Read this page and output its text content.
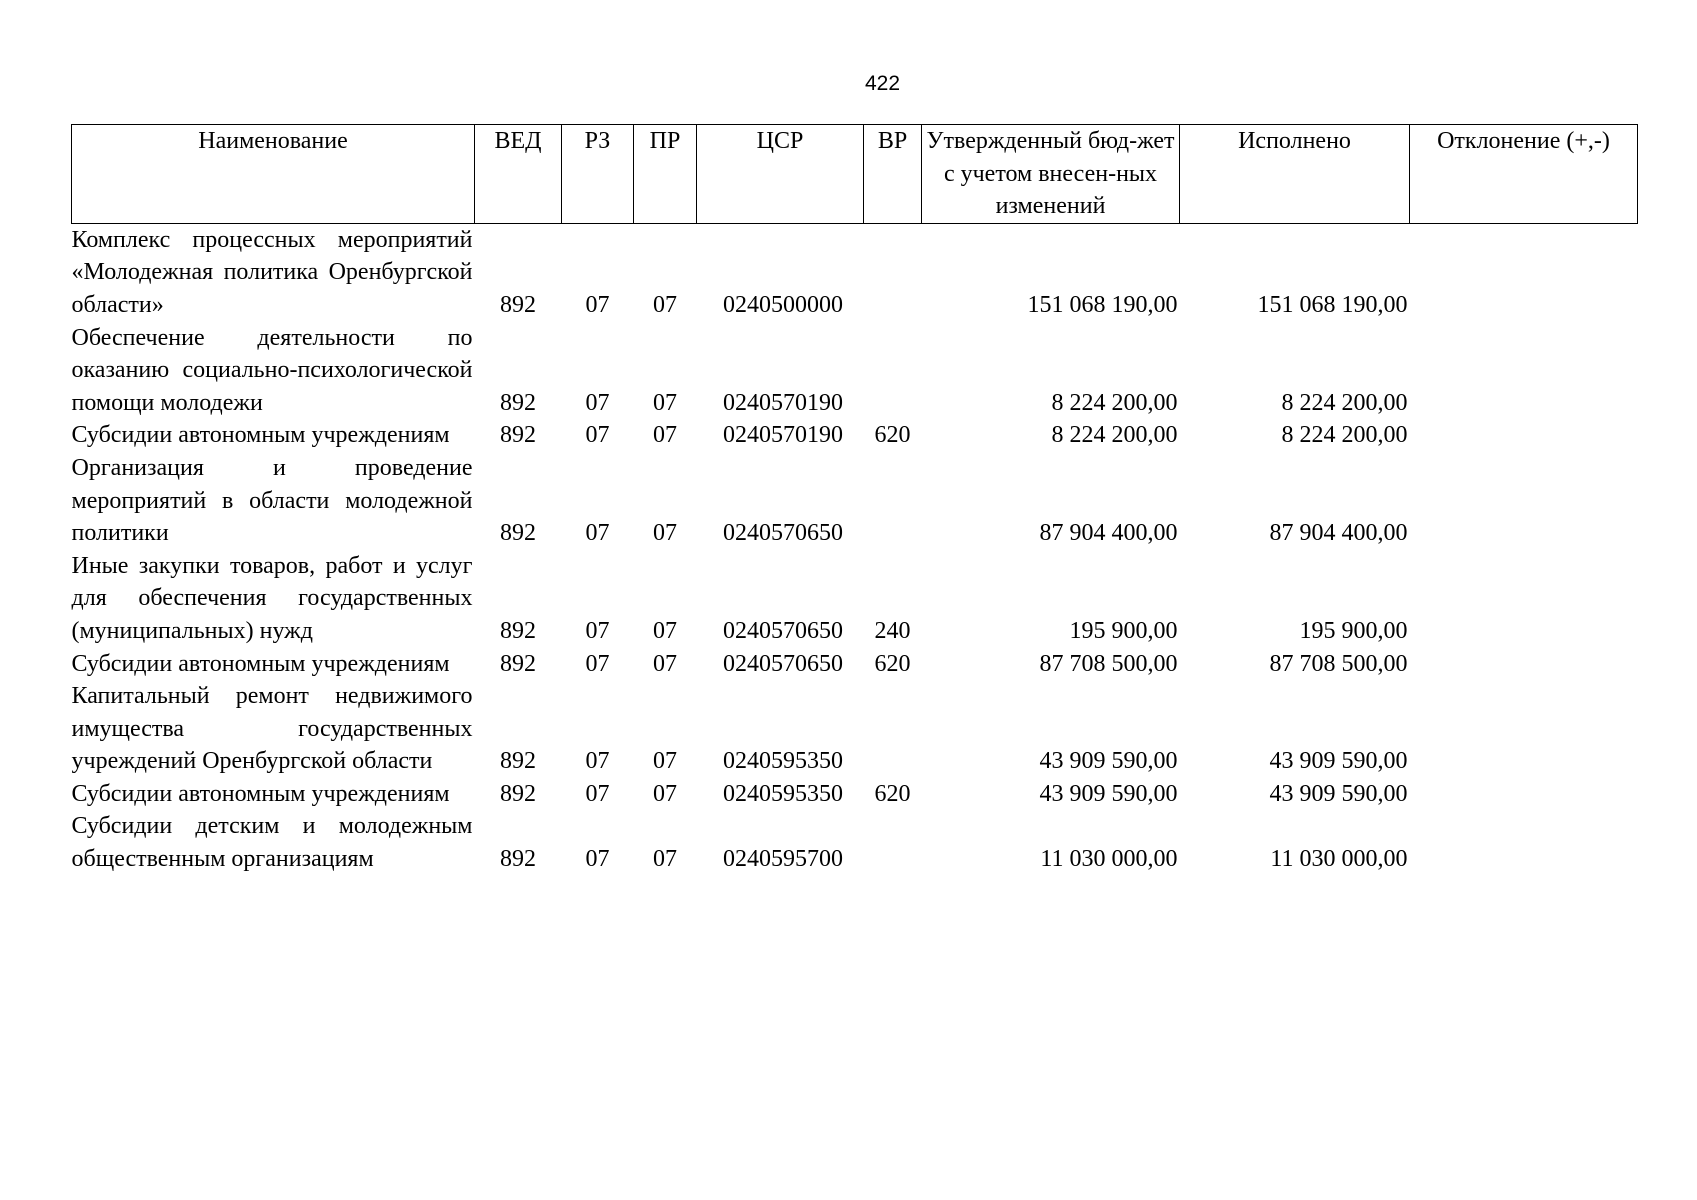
422
Наименование	ВЕД	РЗ	ПР	ЦСР	ВР	Утвержденный бюд-жет с учетом внесен-ных изменений	Исполнено	Отклонение (+,-)
Комплекс процессных мероприятий «Молодежная политика Оренбургской области»	892	07	07	0240500000		151 068 190,00	151 068 190,00	
Обеспечение деятельности по оказанию социально-психологической помощи молодежи	892	07	07	0240570190		8 224 200,00	8 224 200,00	
Субсидии автономным учреждениям	892	07	07	0240570190	620	8 224 200,00	8 224 200,00	
Организация и проведение мероприятий в области молодежной политики	892	07	07	0240570650		87 904 400,00	87 904 400,00	
Иные закупки товаров, работ и услуг для обеспечения государственных (муниципальных) нужд	892	07	07	0240570650	240	195 900,00	195 900,00	
Субсидии автономным учреждениям	892	07	07	0240570650	620	87 708 500,00	87 708 500,00	
Капитальный ремонт недвижимого имущества государственных учреждений Оренбургской области	892	07	07	0240595350		43 909 590,00	43 909 590,00	
Субсидии автономным учреждениям	892	07	07	0240595350	620	43 909 590,00	43 909 590,00	
Субсидии детским и молодежным общественным организациям	892	07	07	0240595700		11 030 000,00	11 030 000,00	
